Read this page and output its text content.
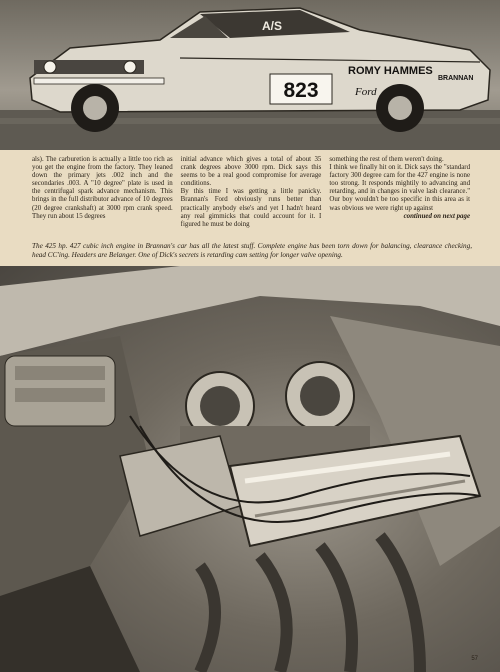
823
ROMY HAMMES
BRANNAN
Ford
A/S

als). The carburetion is actually a little too rich as you get the engine from the factory. They leaned down the primary jets .002 inch and the secondaries .003. A "10 degree" plate is used in the centrifugal spark advance mechanism. This brings in the full distributor advance of 10 degrees (20 degree crankshaft) at 3000 rpm crank speed. They run about 15 degrees

initial advance which gives a total of about 35 crank degrees above 3000 rpm. Dick says this seems to be a real good compromise for average conditions.
By this time I was getting a little panicky. Brannan's Ford obviously runs better than practically anybody else's and yet I hadn't heard any real gimmicks that could account for it. I figured he must be doing

something the rest of them weren't doing.
I think we finally hit on it. Dick says the "standard factory 300 degree cam for the 427 engine is none too strong. It responds mightily to advancing and retarding, and in changes in valve lash clearance." Our boy wouldn't be too specific in this area as it was obvious we were right up against

continued on next page
The 425 hp. 427 cubic inch engine in Brannan's car has all the latest stuff. Complete engine has been torn down for balancing, clearance checking, head CC'ing. Headers are Belanger. One of Dick's secrets is retarding cam setting for longer valve opening.
57
